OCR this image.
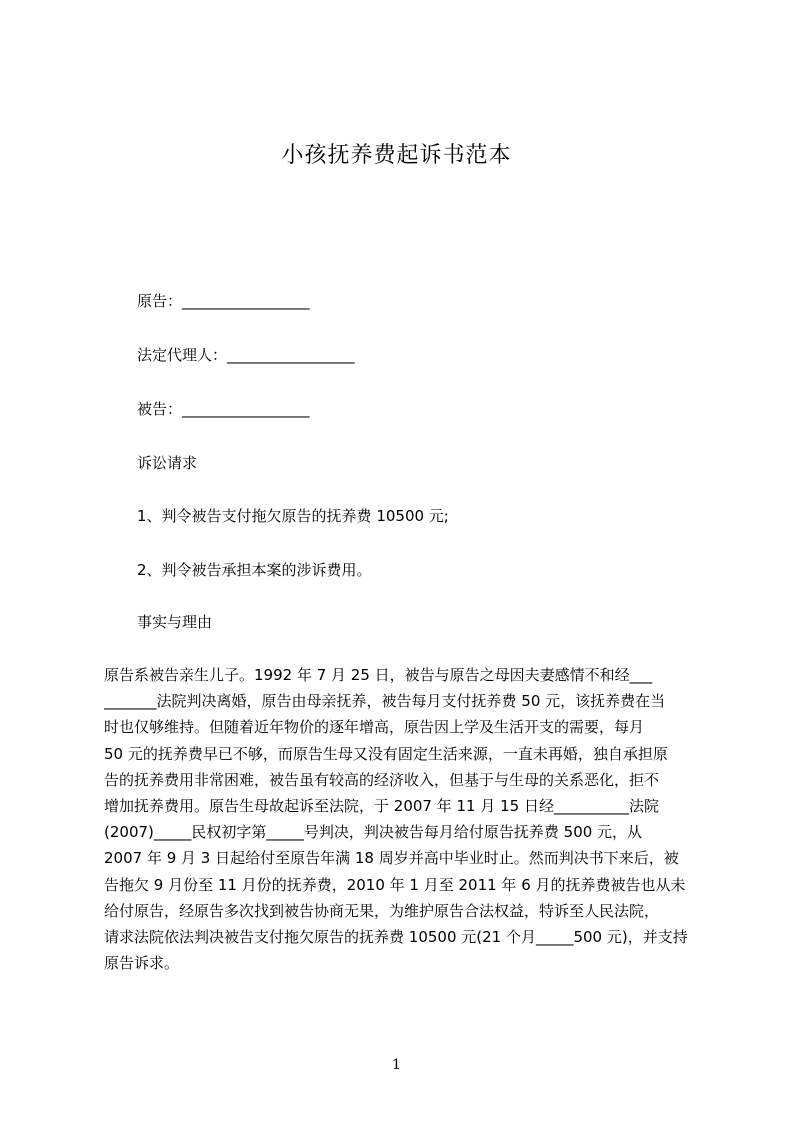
小孩抚养费起诉书范本
原告：_________________
法定代理人：_________________
被告：_________________
诉讼请求
1、判令被告支付拖欠原告的抚养费 10500 元;
2、判令被告承担本案的涉诉费用。
事实与理由
原告系被告亲生儿子。1992 年 7 月 25 日，被告与原告之母因夫妻感情不和经___
_______法院判决离婚，原告由母亲抚养，被告每月支付抚养费 50 元，该抚养费在当
时也仅够维持。但随着近年物价的逐年增高，原告因上学及生活开支的需要，每月
50 元的抚养费早已不够，而原告生母又没有固定生活来源，一直未再婚，独自承担原
告的抚养费用非常困难，被告虽有较高的经济收入，但基于与生母的关系恶化，拒不
增加抚养费用。原告生母故起诉至法院，于 2007 年 11 月 15 日经__________法院
(2007)_____民权初字第_____号判决，判决被告每月给付原告抚养费 500 元，从
2007 年 9 月 3 日起给付至原告年满 18 周岁并高中毕业时止。然而判决书下来后，被
告拖欠 9 月份至 11 月份的抚养费，2010 年 1 月至 2011 年 6 月的抚养费被告也从未
给付原告，经原告多次找到被告协商无果，为维护原告合法权益，特诉至人民法院，
请求法院依法判决被告支付拖欠原告的抚养费 10500 元(21 个月_____500 元)，并支持
原告诉求。
1
